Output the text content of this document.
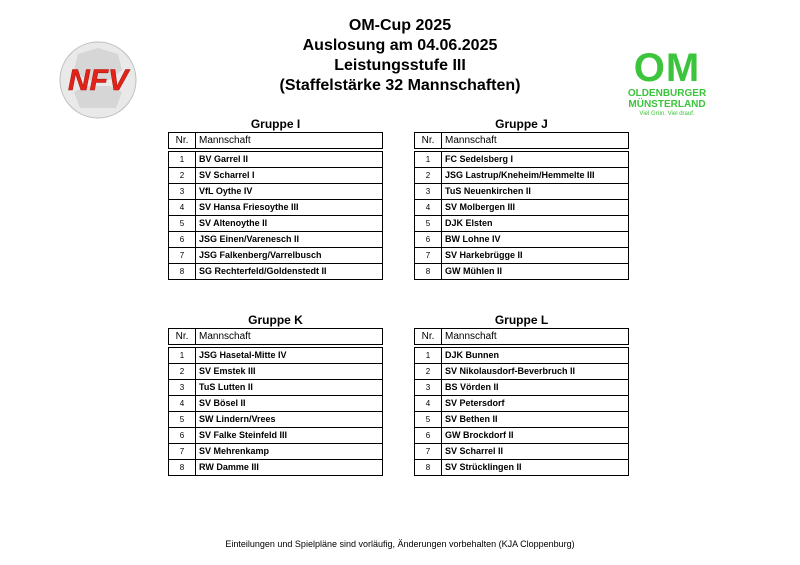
OM-Cup 2025
Auslosung am 04.06.2025
Leistungsstufe III
(Staffelstärke 32 Mannschaften)
NFV	OM
OLDENBURGER
MÜNSTERLAND
Viel Grün. Viel drauf.
Gruppe I
Nr.	Mannschaft

1	BV Garrel II
2	SV Scharrel I
3	VfL Oythe IV
4	SV Hansa Friesoythe III
5	SV Altenoythe II
6	JSG Einen/Varenesch II
7	JSG Falkenberg/Varrelbusch
8	SG Rechterfeld/Goldenstedt II
Gruppe J
Nr.	Mannschaft

1	FC Sedelsberg I
2	JSG Lastrup/Kneheim/Hemmelte III
3	TuS Neuenkirchen II
4	SV Molbergen III
5	DJK Elsten
6	BW Lohne IV
7	SV Harkebrügge II
8	GW Mühlen II
Gruppe K
Nr.	Mannschaft

1	JSG Hasetal-Mitte IV
2	SV Emstek III
3	TuS Lutten II
4	SV Bösel II
5	SW Lindern/Vrees
6	SV Falke Steinfeld III
7	SV Mehrenkamp
8	RW Damme III
Gruppe L
Nr.	Mannschaft

1	DJK Bunnen
2	SV Nikolausdorf-Beverbruch II
3	BS Vörden II
4	SV Petersdorf
5	SV Bethen II
6	GW Brockdorf II
7	SV Scharrel II
8	SV Strücklingen II
Einteilungen und Spielpläne sind vorläufig, Änderungen vorbehalten (KJA Cloppenburg)
